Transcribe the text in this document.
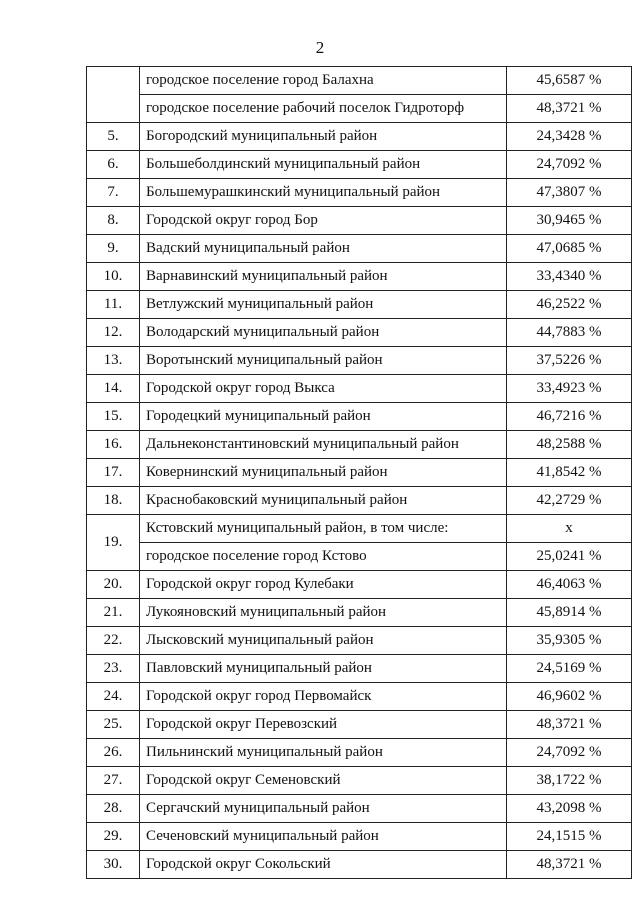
2
	городское поселение город Балахна	45,6587 %
	городское поселение рабочий поселок Гидроторф	48,3721 %
5.	Богородский муниципальный район	24,3428 %
6.	Большеболдинский муниципальный район	24,7092 %
7.	Большемурашкинский муниципальный район	47,3807 %
8.	Городской округ город Бор	30,9465 %
9.	Вадский муниципальный район	47,0685 %
10.	Варнавинский муниципальный район	33,4340 %
11.	Ветлужский муниципальный район	46,2522 %
12.	Володарский муниципальный район	44,7883 %
13.	Воротынский муниципальный район	37,5226 %
14.	Городской округ город Выкса	33,4923 %
15.	Городецкий муниципальный район	46,7216 %
16.	Дальнеконстантиновский муниципальный район	48,2588 %
17.	Ковернинский муниципальный район	41,8542 %
18.	Краснобаковский муниципальный район	42,2729 %
19.	Кстовский муниципальный район, в том числе:	x
	городское поселение город Кстово	25,0241 %
20.	Городской округ город Кулебаки	46,4063 %
21.	Лукояновский муниципальный район	45,8914 %
22.	Лысковский муниципальный район	35,9305 %
23.	Павловский муниципальный район	24,5169 %
24.	Городской округ город Первомайск	46,9602 %
25.	Городской округ Перевозский	48,3721 %
26.	Пильнинский муниципальный район	24,7092 %
27.	Городской округ Семеновский	38,1722 %
28.	Сергачский муниципальный район	43,2098 %
29.	Сеченовский муниципальный район	24,1515 %
30.	Городской округ Сокольский	48,3721 %
